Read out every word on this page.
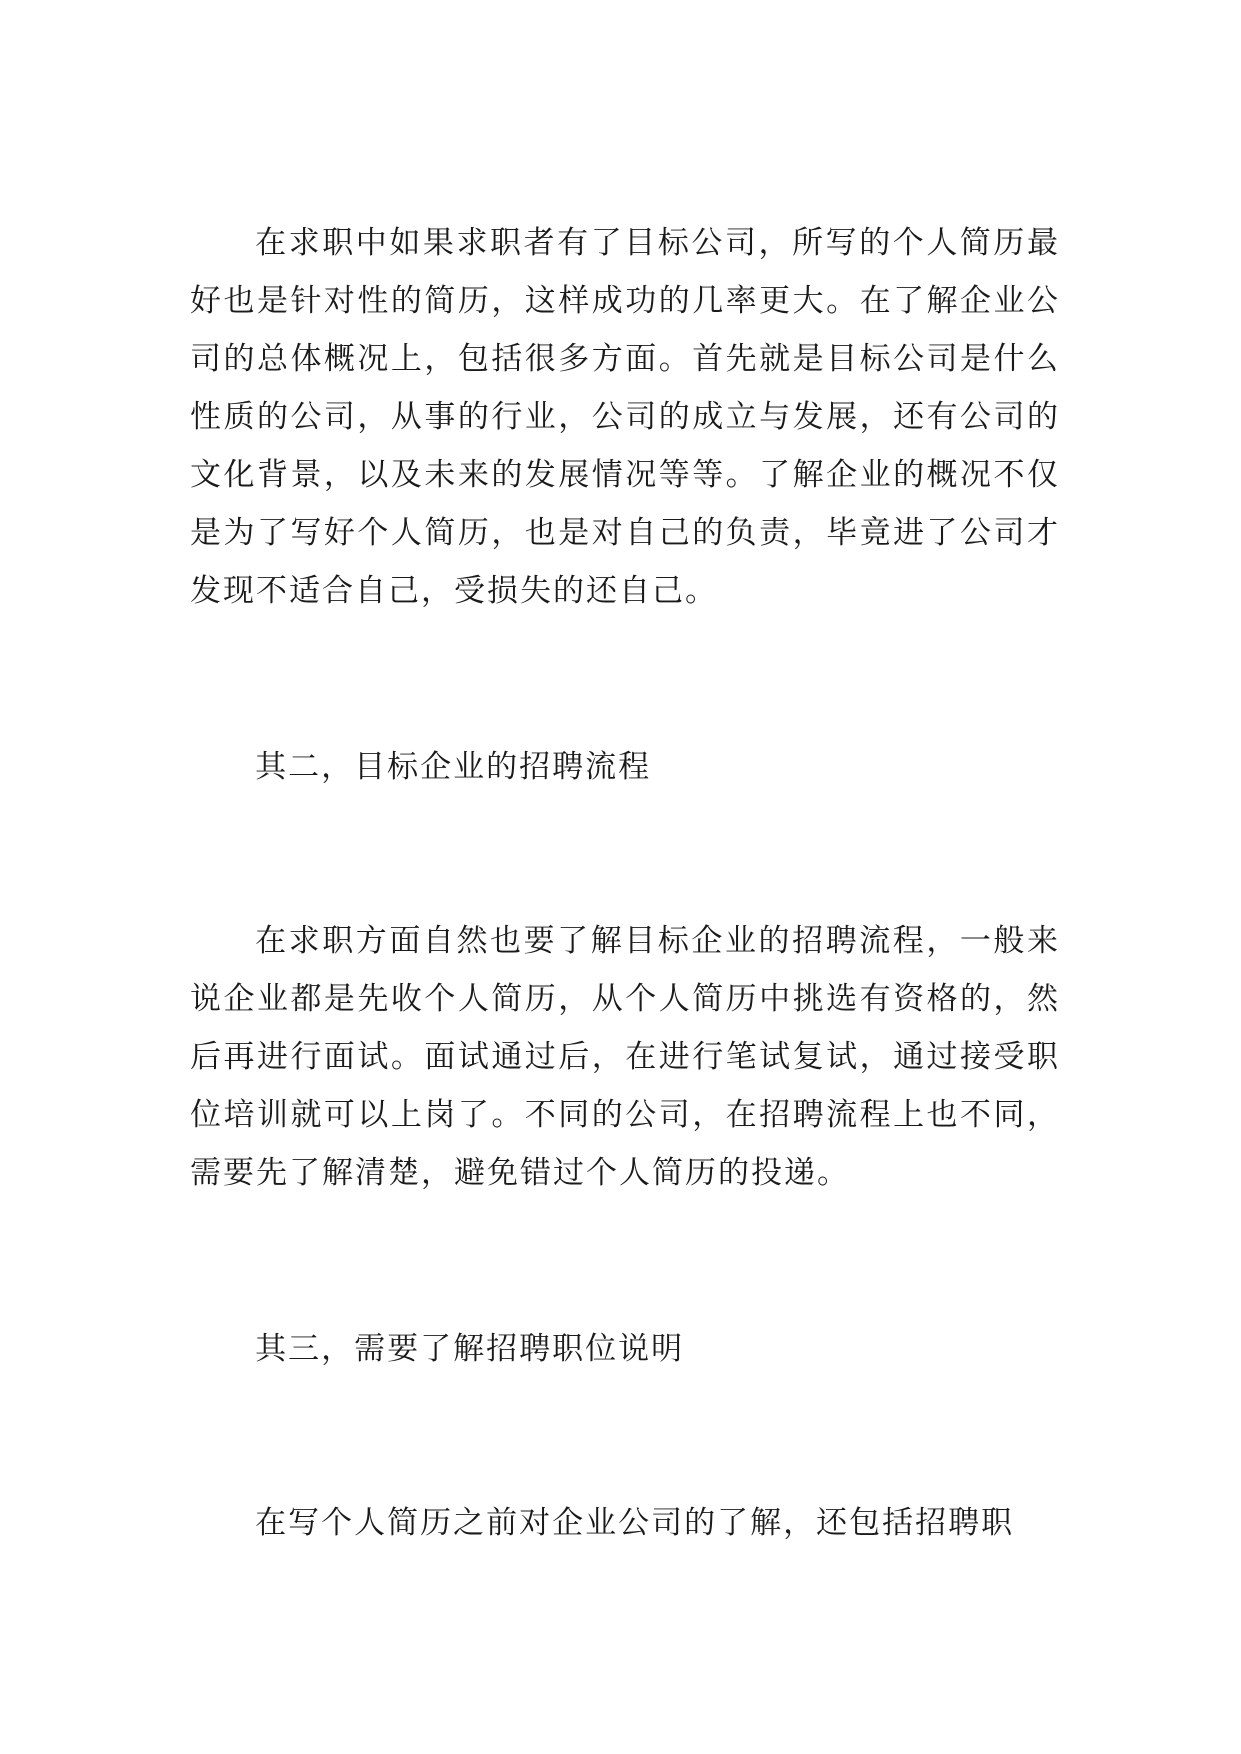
在求职中如果求职者有了目标公司，所写的个人简历最好也是针对性的简历，这样成功的几率更大。在了解企业公司的总体概况上，包括很多方面。首先就是目标公司是什么性质的公司，从事的行业，公司的成立与发展，还有公司的文化背景，以及未来的发展情况等等。了解企业的概况不仅是为了写好个人简历，也是对自己的负责，毕竟进了公司才发现不适合自己，受损失的还自己。

其二，目标企业的招聘流程

在求职方面自然也要了解目标企业的招聘流程，一般来说企业都是先收个人简历，从个人简历中挑选有资格的，然后再进行面试。面试通过后，在进行笔试复试，通过接受职位培训就可以上岗了。不同的公司，在招聘流程上也不同，需要先了解清楚，避免错过个人简历的投递。

其三，需要了解招聘职位说明

在写个人简历之前对企业公司的了解，还包括招聘职
